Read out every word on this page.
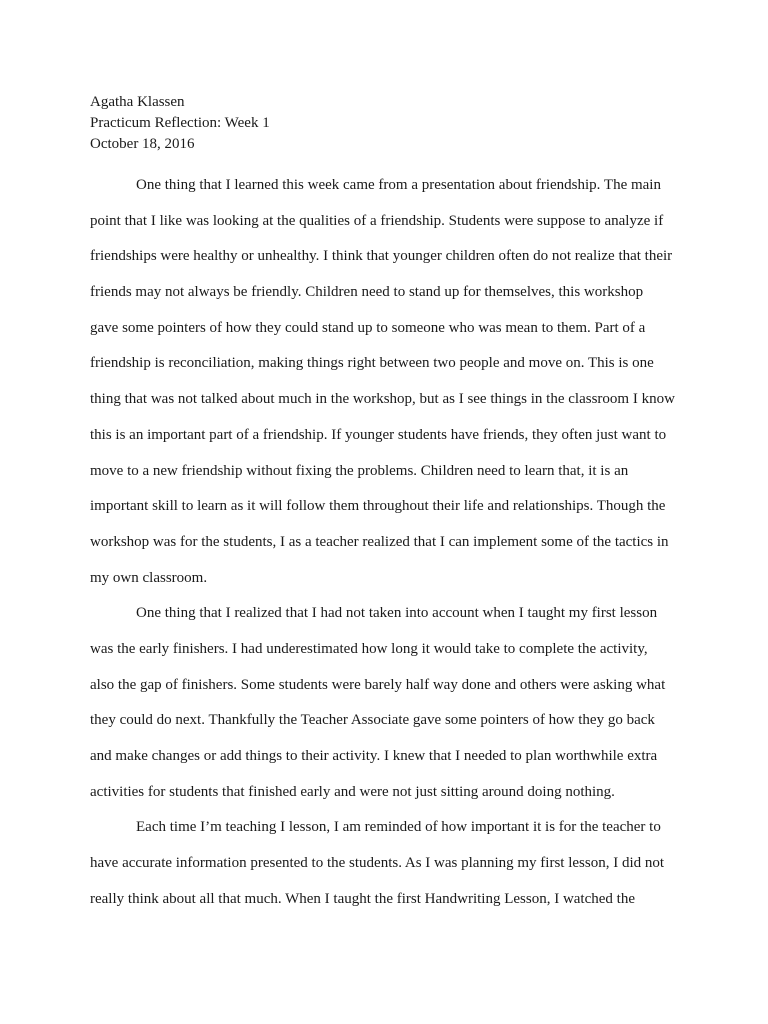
Agatha Klassen
Practicum Reflection: Week 1
October 18, 2016
One thing that I learned this week came from a presentation about friendship. The main
point that I like was looking at the qualities of a friendship. Students were suppose to analyze if
friendships were healthy or unhealthy. I think that younger children often do not realize that their
friends may not always be friendly. Children need to stand up for themselves, this workshop
gave some pointers of how they could stand up to someone who was mean to them. Part of a
friendship is reconciliation, making things right between two people and move on. This is one
thing that was not talked about much in the workshop, but as I see things in the classroom I know
this is an important part of a friendship. If younger students have friends, they often just want to
move to a new friendship without fixing the problems. Children need to learn that, it is an
important skill to learn as it will follow them throughout their life and relationships. Though the
workshop was for the students, I as a teacher realized that I can implement some of the tactics in
my own classroom.
One thing that I realized that I had not taken into account when I taught my first lesson
was the early finishers. I had underestimated how long it would take to complete the activity,
also the gap of finishers. Some students were barely half way done and others were asking what
they could do next. Thankfully the Teacher Associate gave some pointers of how they go back
and make changes or add things to their activity. I knew that I needed to plan worthwhile extra
activities for students that finished early and were not just sitting around doing nothing.
Each time I’m teaching I lesson, I am reminded of how important it is for the teacher to
have accurate information presented to the students. As I was planning my first lesson, I did not
really think about all that much. When I taught the first Handwriting Lesson, I watched the
